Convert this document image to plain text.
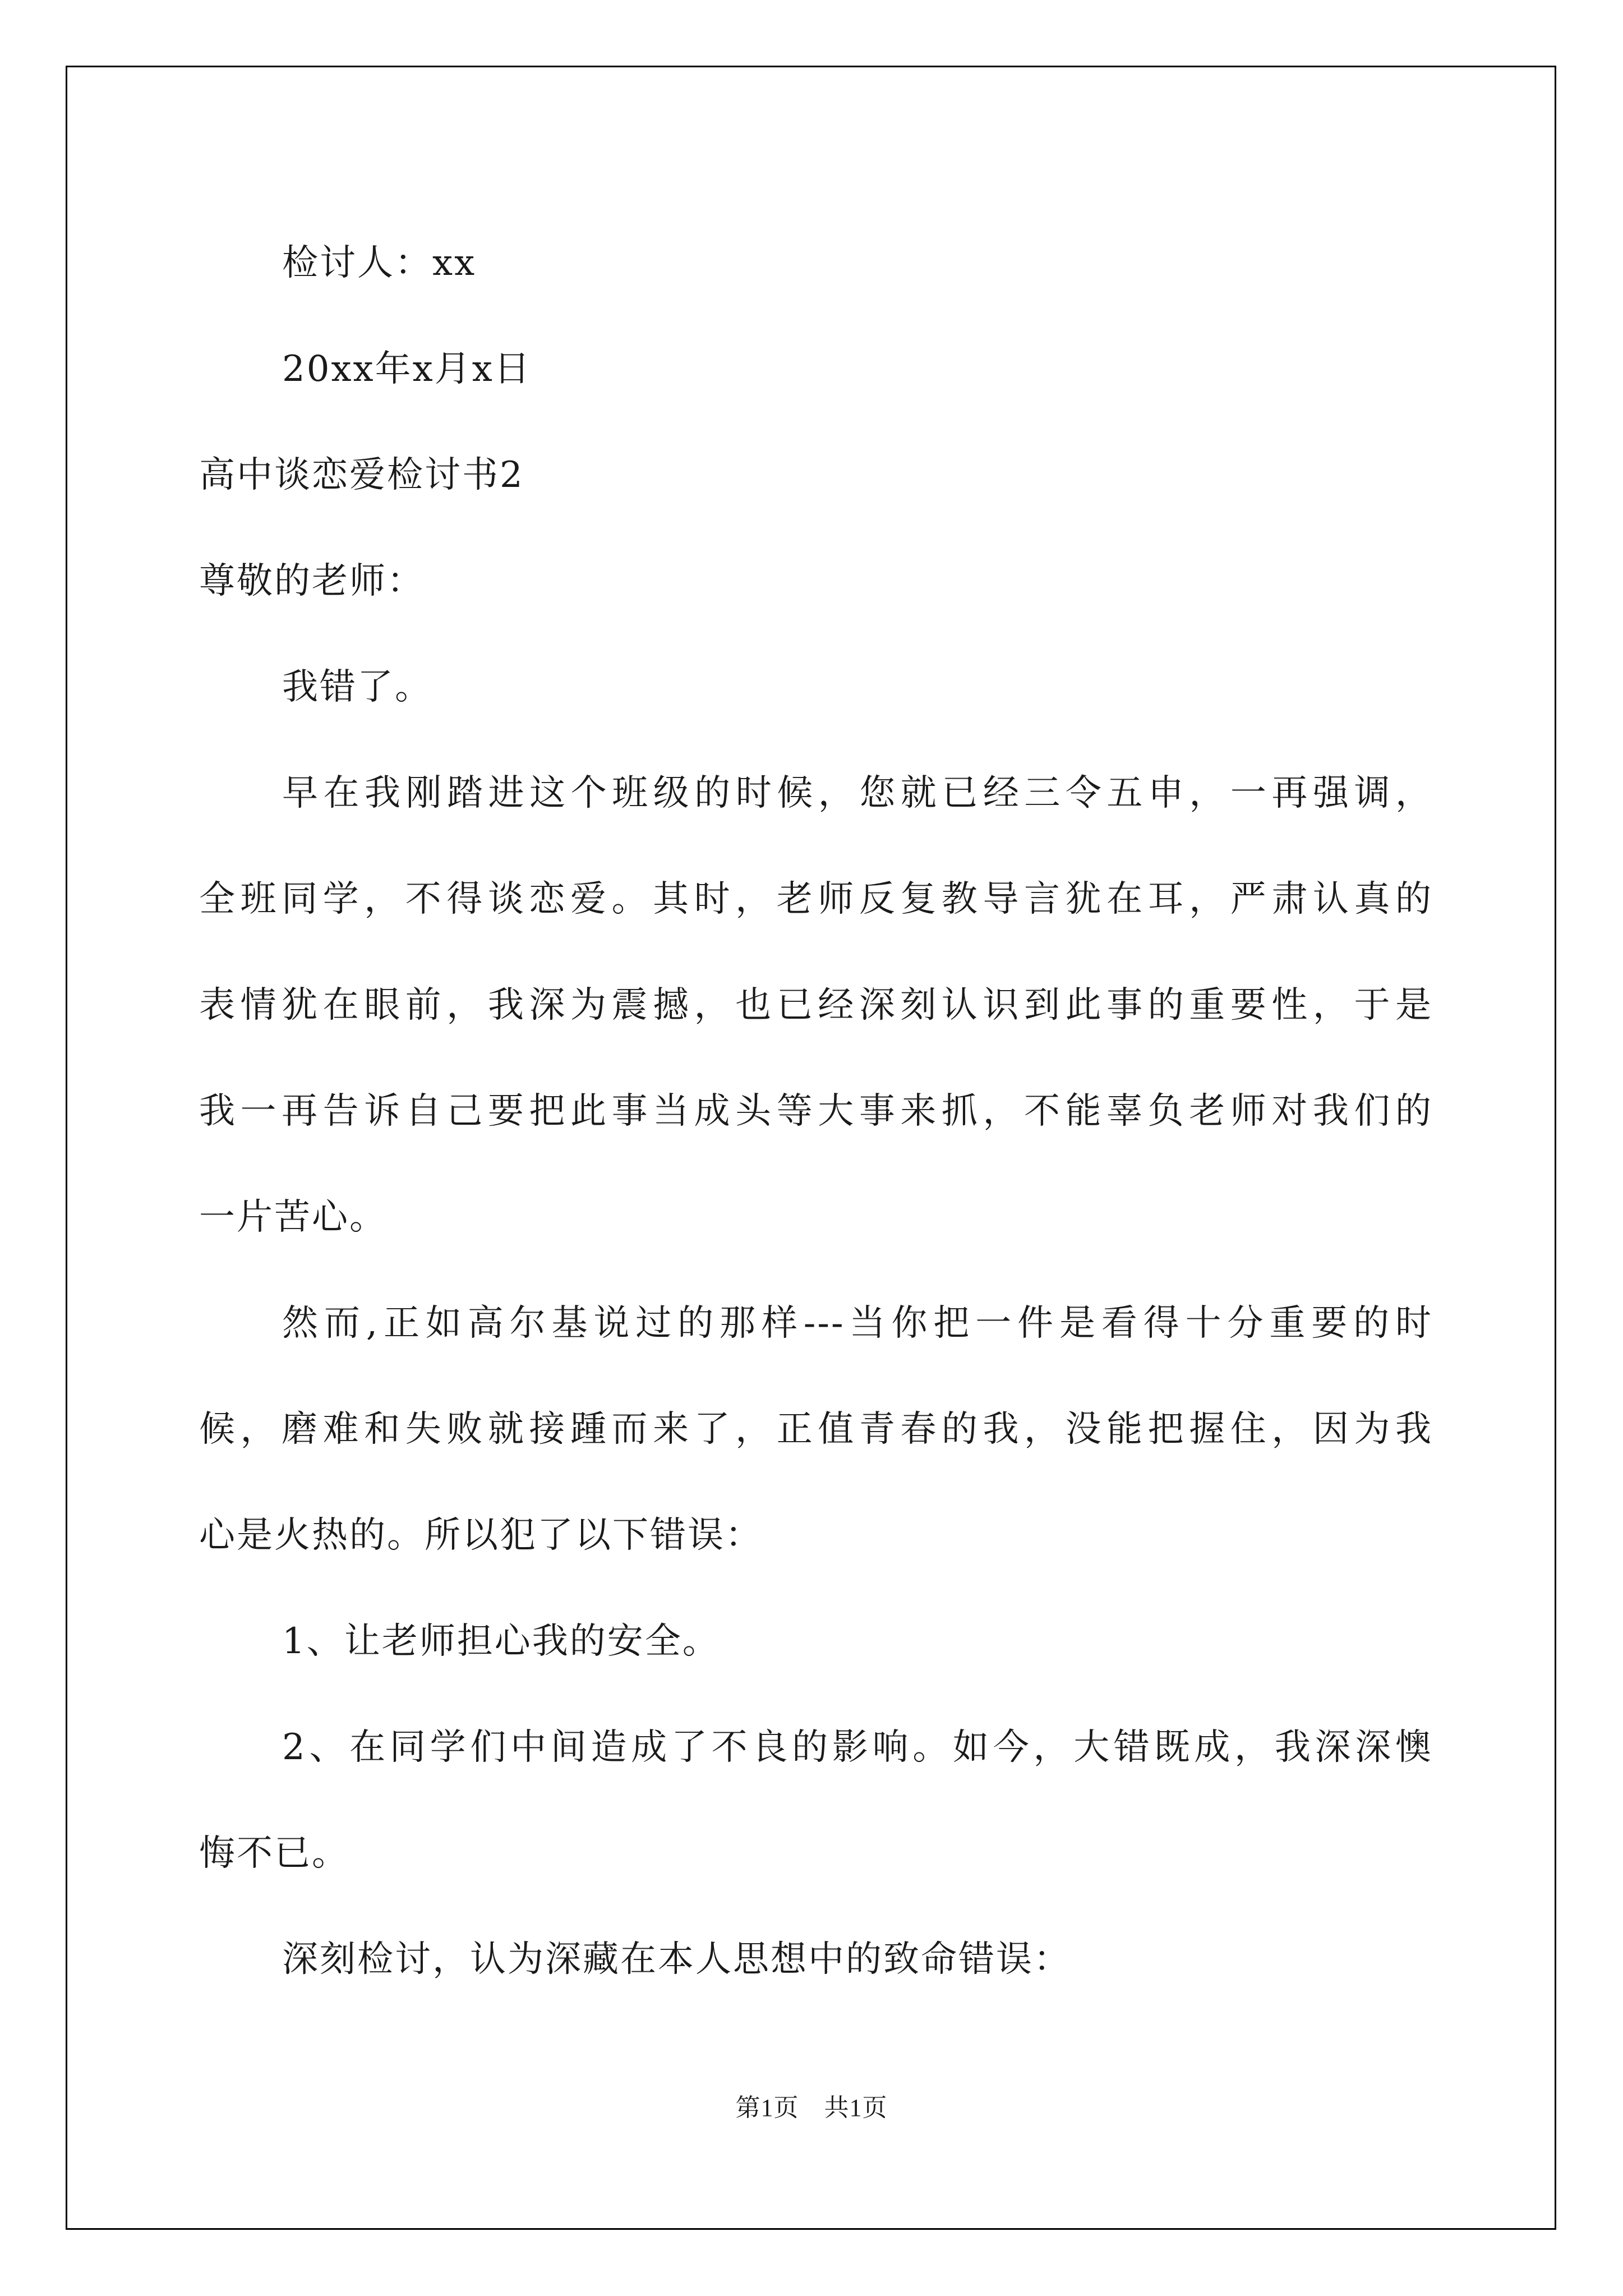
检讨人：xx
20xx年x月x日
高中谈恋爱检讨书2
尊敬的老师：
我错了。
早在我刚踏进这个班级的时候，您就已经三令五申，一再强调，
全班同学，不得谈恋爱。其时，老师反复教导言犹在耳，严肃认真的
表情犹在眼前，我深为震撼，也已经深刻认识到此事的重要性，于是
我一再告诉自己要把此事当成头等大事来抓，不能辜负老师对我们的
一片苦心。
然而,正如高尔基说过的那样---当你把一件是看得十分重要的时
候，磨难和失败就接踵而来了，正值青春的我，没能把握住，因为我
心是火热的。所以犯了以下错误：
1、让老师担心我的安全。
2、在同学们中间造成了不良的影响。如今，大错既成，我深深懊
悔不已。
深刻检讨，认为深藏在本人思想中的致命错误：
第1页　共1页
